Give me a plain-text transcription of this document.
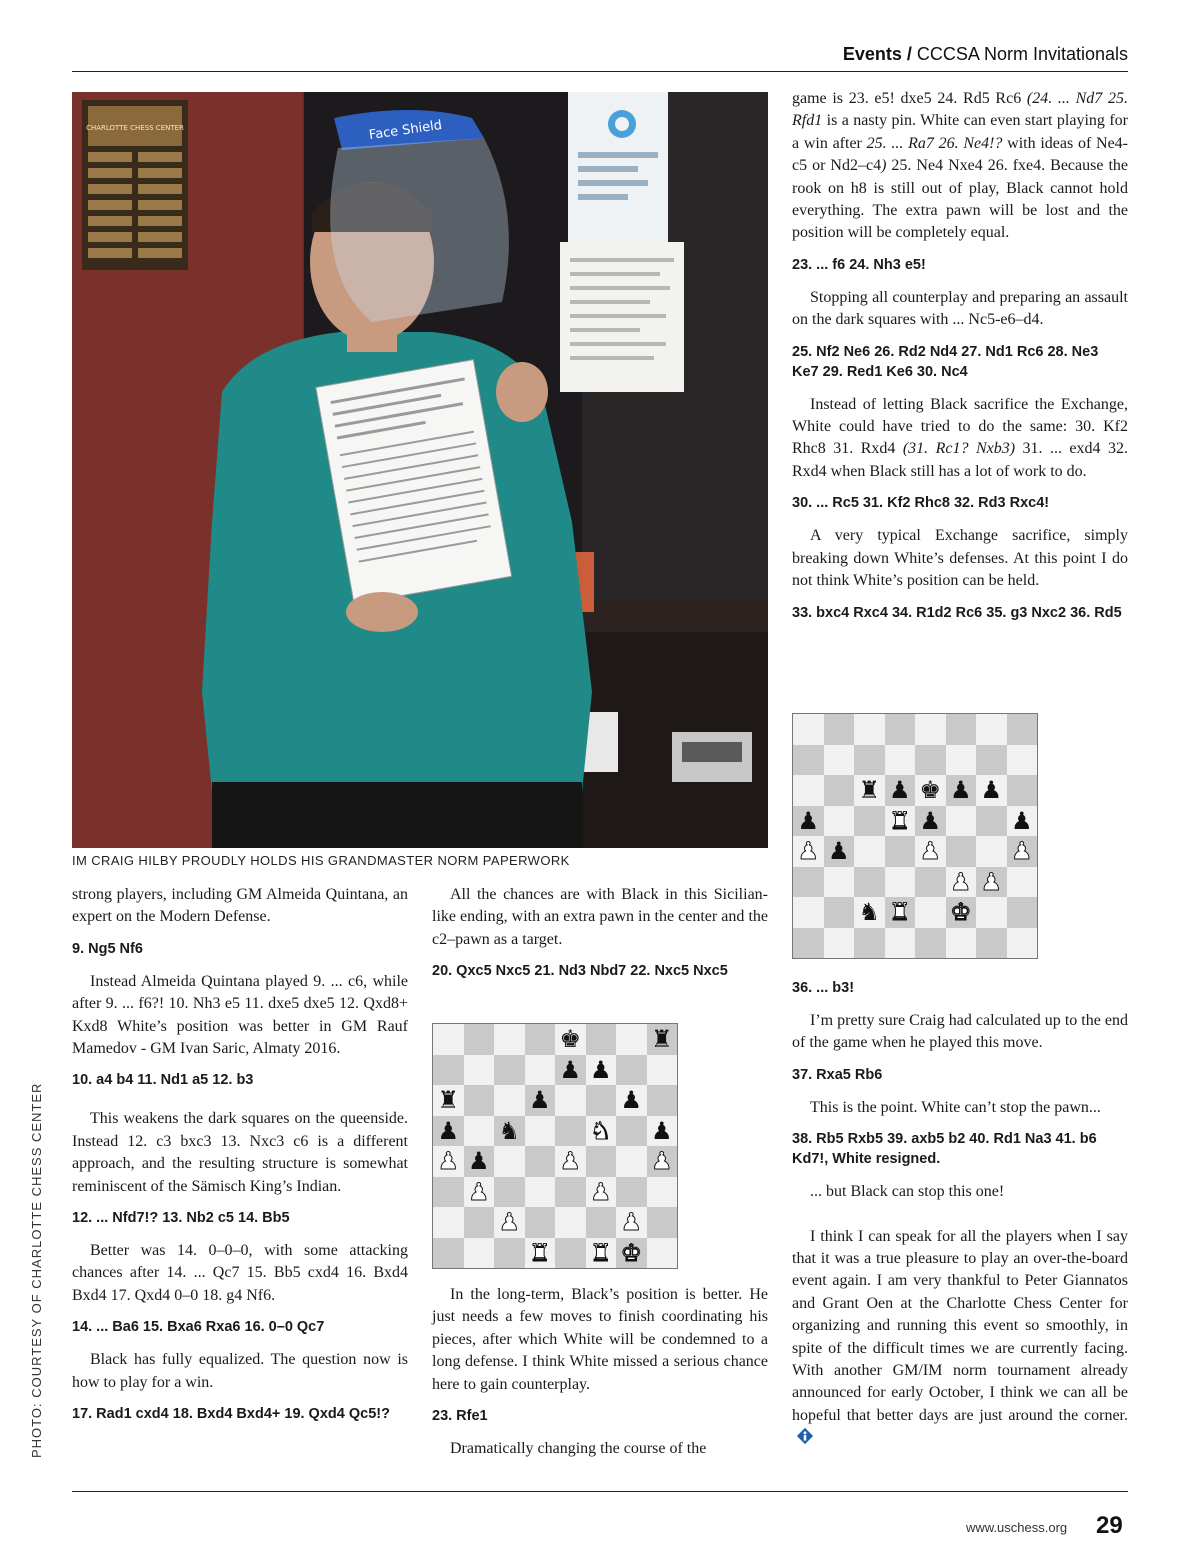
Events / CCCSA Norm Invitationals
CHARLOTTE CHESS CENTER	Face Shield
IM CRAIG HILBY PROUDLY HOLDS HIS GRANDMASTER NORM PAPERWORK
PHOTO: COURTESY OF CHARLOTTE CHESS CENTER

strong players, including GM Almeida Quintana, an expert on the Modern Defense.

9. Ng5 Nf6

Instead Almeida Quintana played 9. ... c6, while after 9. ... f6?! 10. Nh3 e5 11. dxe5 dxe5 12. Qxd8+ Kxd8 White’s position was better in GM Rauf Mamedov - GM Ivan Saric, Almaty 2016.

10. a4 b4 11. Nd1 a5 12. b3

This weakens the dark squares on the queenside. Instead 12. c3 bxc3 13. Nxc3 c6 is a different approach, and the resulting structure is somewhat reminiscent of the Sämisch King’s Indian.

12. ... Nfd7!? 13. Nb2 c5 14. Bb5

Better was 14. 0–0–0, with some attacking chances after 14. ... Qc7 15. Bb5 cxd4 16. Bxd4 Bxd4 17. Qxd4 0–0 18. g4 Nf6.

14. ... Ba6 15. Bxa6 Rxa6 16. 0–0 Qc7

Black has fully equalized. The question now is how to play for a win.

17. Rad1 cxd4 18. Bxd4 Bxd4+ 19. Qxd4 Qc5!?

All the chances are with Black in this Sicilian-like ending, with an extra pawn in the center and the c2–pawn as a target.

20. Qxc5 Nxc5 21. Nd3 Nbd7 22. Nxc5 Nxc5
♚	♜
♟ ♟
♜	♟	♟
♟ ♞	♞ ♟
♟ ♟	♟	♟
♟	♟
♟	♟
♜ ♜ ♚

In the long-term, Black’s position is better. He just needs a few moves to finish coordinating his pieces, after which White will be condemned to a long defense. I think White missed a serious chance here to gain counterplay.

23. Rfe1

Dramatically changing the course of the

game is 23. e5! dxe5 24. Rd5 Rc6 (24. ... Nd7 25. Rfd1 is a nasty pin. White can even start playing for a win after 25. ... Ra7 26. Ne4!? with ideas of Ne4-c5 or Nd2–c4) 25. Ne4 Nxe4 26. fxe4. Because the rook on h8 is still out of play, Black cannot hold everything. The extra pawn will be lost and the position will be completely equal.

23. ... f6 24. Nh3 e5!

Stopping all counterplay and preparing an assault on the dark squares with ... Nc5-e6–d4.

25. Nf2 Ne6 26. Rd2 Nd4 27. Nd1 Rc6 28. Ne3 Ke7 29. Red1 Ke6 30. Nc4

Instead of letting Black sacrifice the Exchange, White could have tried to do the same: 30. Kf2 Rhc8 31. Rxd4 (31. Rc1? Nxb3) 31. ... exd4 32. Rxd4 when Black still has a lot of work to do.

30. ... Rc5 31. Kf2 Rhc8 32. Rd3 Rxc4!

A very typical Exchange sacrifice, simply breaking down White’s defenses. At this point I do not think White’s position can be held.

33. bxc4 Rxc4 34. R1d2 Rc6 35. g3 Nxc2 36. Rd5
♜ ♟ ♚ ♟ ♟
♟	♜ ♟	♟
♟ ♟	♟	♟
♟ ♟
♞ ♜ ♚
36. ... b3!

I’m pretty sure Craig had calculated up to the end of the game when he played this move.

37. Rxa5 Rb6

This is the point. White can’t stop the pawn...

38. Rb5 Rxb5 39. axb5 b2 40. Rd1 Na3 41. b6 Kd7!, White resigned.

... but Black can stop this one!

I think I can speak for all the players when I say that it was a true pleasure to play an over-the-board event again. I am very thankful to Peter Giannatos and Grant Oen at the Charlotte Chess Center for organizing and running this event so smoothly, in spite of the difficult times we are currently facing. With another GM/IM norm tournament already announced for early October, I think we can all be hopeful that better days are just around the corner.

www.uschess.org 29
